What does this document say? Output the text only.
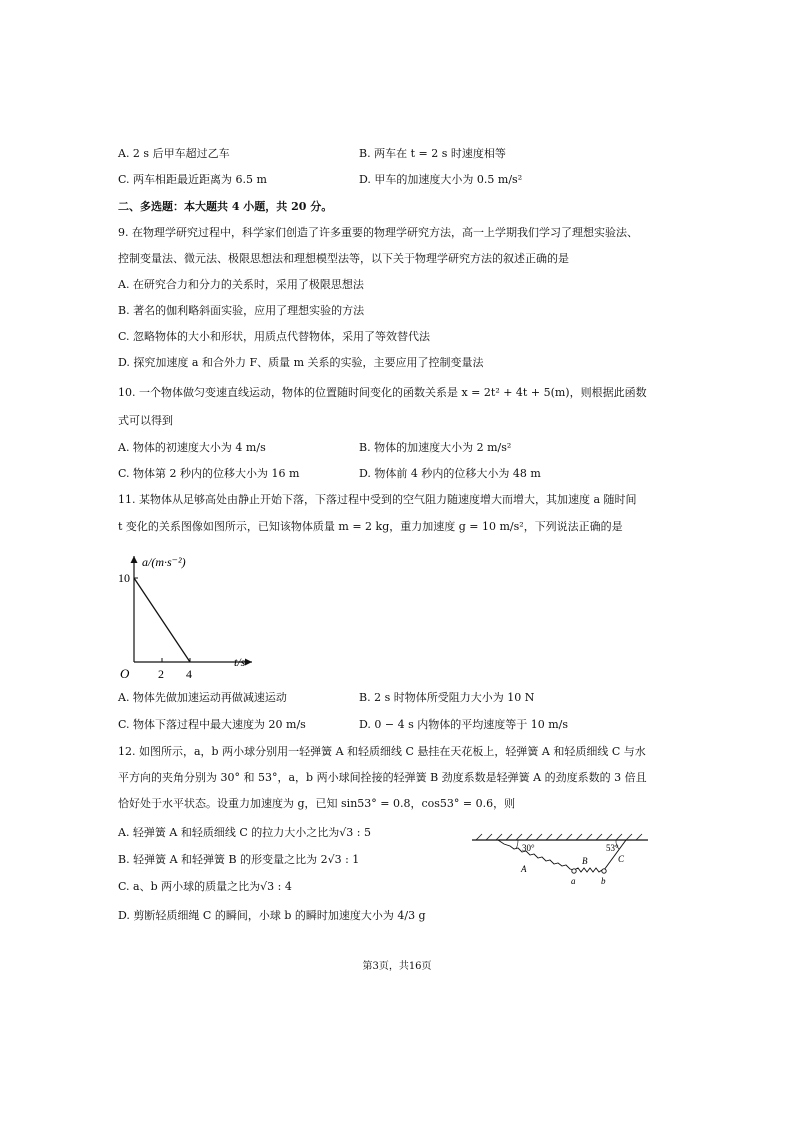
A. 2 s 后甲车超过乙车	B. 两车在 t = 2 s 时速度相等
C. 两车相距最近距离为 6.5 m	D. 甲车的加速度大小为 0.5 m/s²
二、多选题：本大题共 4 小题，共 20 分。
9. 在物理学研究过程中，科学家们创造了许多重要的物理学研究方法，高一上学期我们学习了理想实验法、
控制变量法、微元法、极限思想法和理想模型法等，以下关于物理学研究方法的叙述正确的是
A. 在研究合力和分力的关系时，采用了极限思想法
B. 著名的伽利略斜面实验，应用了理想实验的方法
C. 忽略物体的大小和形状，用质点代替物体，采用了等效替代法
D. 探究加速度 a 和合外力 F、质量 m 关系的实验，主要应用了控制变量法
10. 一个物体做匀变速直线运动，物体的位置随时间变化的函数关系是 x = 2t² + 4t + 5(m)，则根据此函数
式可以得到
A. 物体的初速度大小为 4 m/s	B. 物体的加速度大小为 2 m/s²
C. 物体第 2 秒内的位移大小为 16 m	D. 物体前 4 秒内的位移大小为 48 m
11. 某物体从足够高处由静止开始下落，下落过程中受到的空气阻力随速度增大而增大，其加速度 a 随时间
t 变化的关系图像如图所示，已知该物体质量 m = 2 kg，重力加速度 g = 10 m/s²，下列说法正确的是
a/(m·s⁻²)
10
O 2 4
t/s
A. 物体先做加速运动再做减速运动	B. 2 s 时物体所受阻力大小为 10 N
C. 物体下落过程中最大速度为 20 m/s	D. 0 − 4 s 内物体的平均速度等于 10 m/s
12. 如图所示，a，b 两小球分别用一轻弹簧 A 和轻质细线 C 悬挂在天花板上，轻弹簧 A 和轻质细线 C 与水
平方向的夹角分别为 30° 和 53°，a，b 两小球间拴接的轻弹簧 B 劲度系数是轻弹簧 A 的劲度系数的 3 倍且
恰好处于水平状态。设重力加速度为 g，已知 sin53° = 0.8，cos53° = 0.6，则
A. 轻弹簧 A 和轻质细线 C 的拉力大小之比为√3 : 5
B. 轻弹簧 A 和轻弹簧 B 的形变量之比为 2√3 : 1
C. a、b 两小球的质量之比为√3 : 4
D. 剪断轻质细绳 C 的瞬间，小球 b 的瞬时加速度大小为 4/3 g
30°	53°
A
B	C
a	b
第3页，共16页
